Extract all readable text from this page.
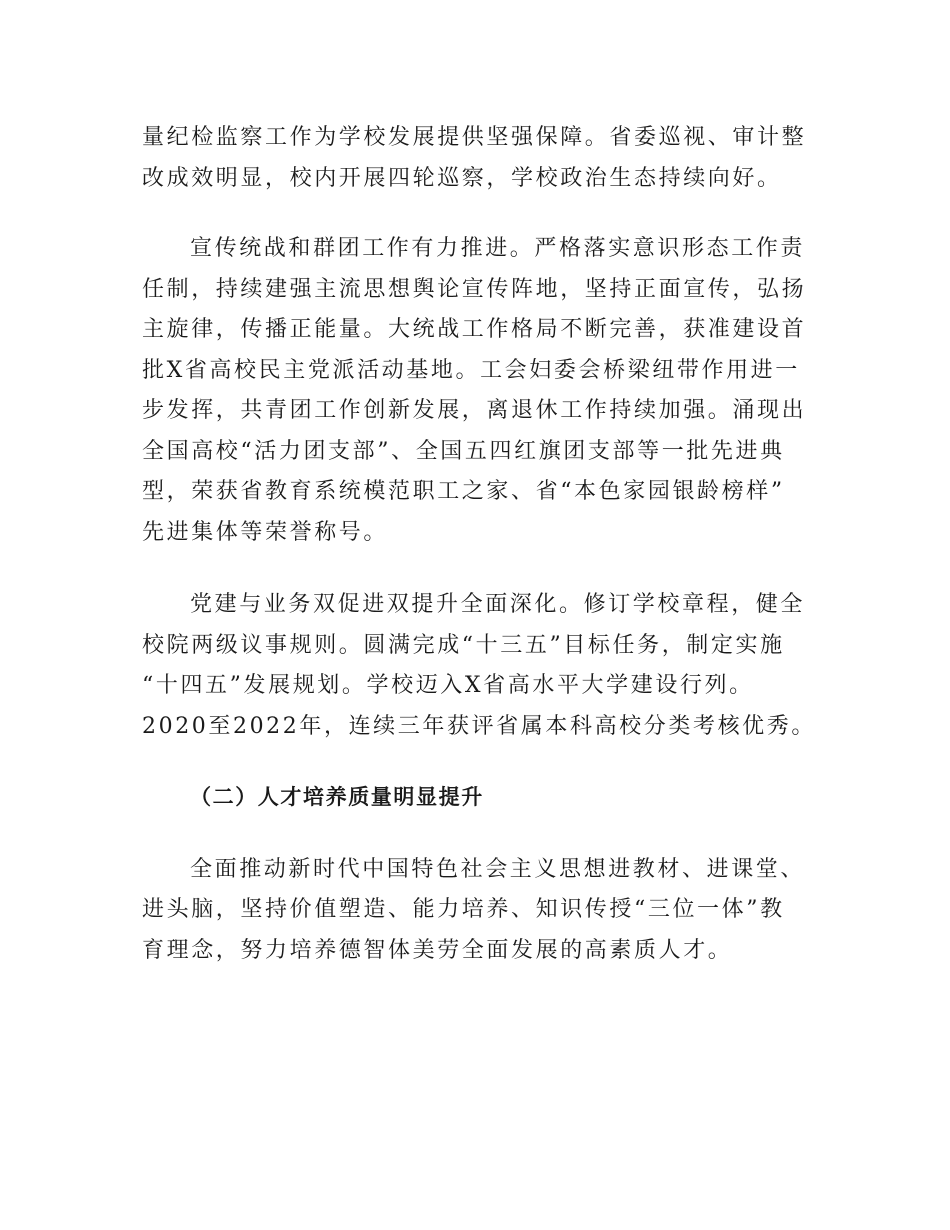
量纪检监察工作为学校发展提供坚强保障。省委巡视、审计整
改成效明显，校内开展四轮巡察，学校政治生态持续向好。

宣传统战和群团工作有力推进。严格落实意识形态工作责
任制，持续建强主流思想舆论宣传阵地，坚持正面宣传，弘扬
主旋律，传播正能量。大统战工作格局不断完善，获准建设首
批X省高校民主党派活动基地。工会妇委会桥梁纽带作用进一
步发挥，共青团工作创新发展，离退休工作持续加强。涌现出
全国高校“活力团支部”、全国五四红旗团支部等一批先进典
型，荣获省教育系统模范职工之家、省“本色家园银龄榜样”
先进集体等荣誉称号。

党建与业务双促进双提升全面深化。修订学校章程，健全
校院两级议事规则。圆满完成“十三五”目标任务，制定实施
“十四五”发展规划。学校迈入X省高水平大学建设行列。
2020至2022年，连续三年获评省属本科高校分类考核优秀。

（二）人才培养质量明显提升

全面推动新时代中国特色社会主义思想进教材、进课堂、
进头脑，坚持价值塑造、能力培养、知识传授“三位一体”教
育理念，努力培养德智体美劳全面发展的高素质人才。
